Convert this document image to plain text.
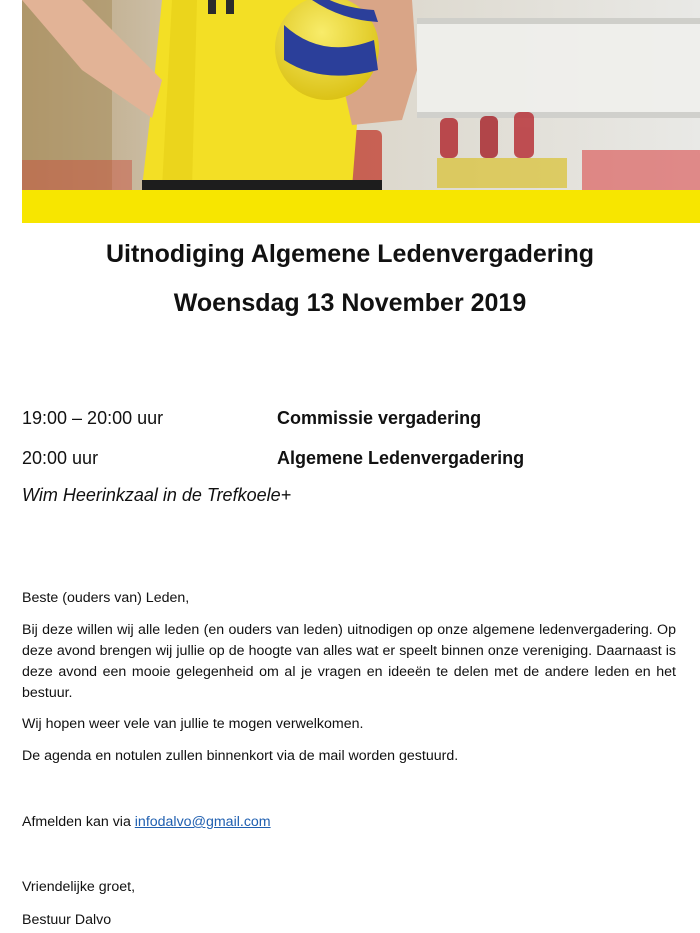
Uitnodiging Algemene Ledenvergadering
Woensdag 13 November 2019
19:00 – 20:00 uur	Commissie vergadering
20:00 uur	Algemene Ledenvergadering
Wim Heerinkzaal in de Trefkoele+
Beste (ouders van) Leden,
Bij deze willen wij alle leden (en ouders van leden) uitnodigen op onze algemene ledenvergadering. Op deze avond brengen wij jullie op de hoogte van alles wat er speelt binnen onze vereniging. Daarnaast is deze avond een mooie gelegenheid om al je vragen en ideeën te delen met de andere leden en het bestuur.
Wij hopen weer vele van jullie te mogen verwelkomen.
De agenda en notulen zullen binnenkort via de mail worden gestuurd.
Afmelden kan via infodalvo@gmail.com
Vriendelijke groet,
Bestuur Dalvo
